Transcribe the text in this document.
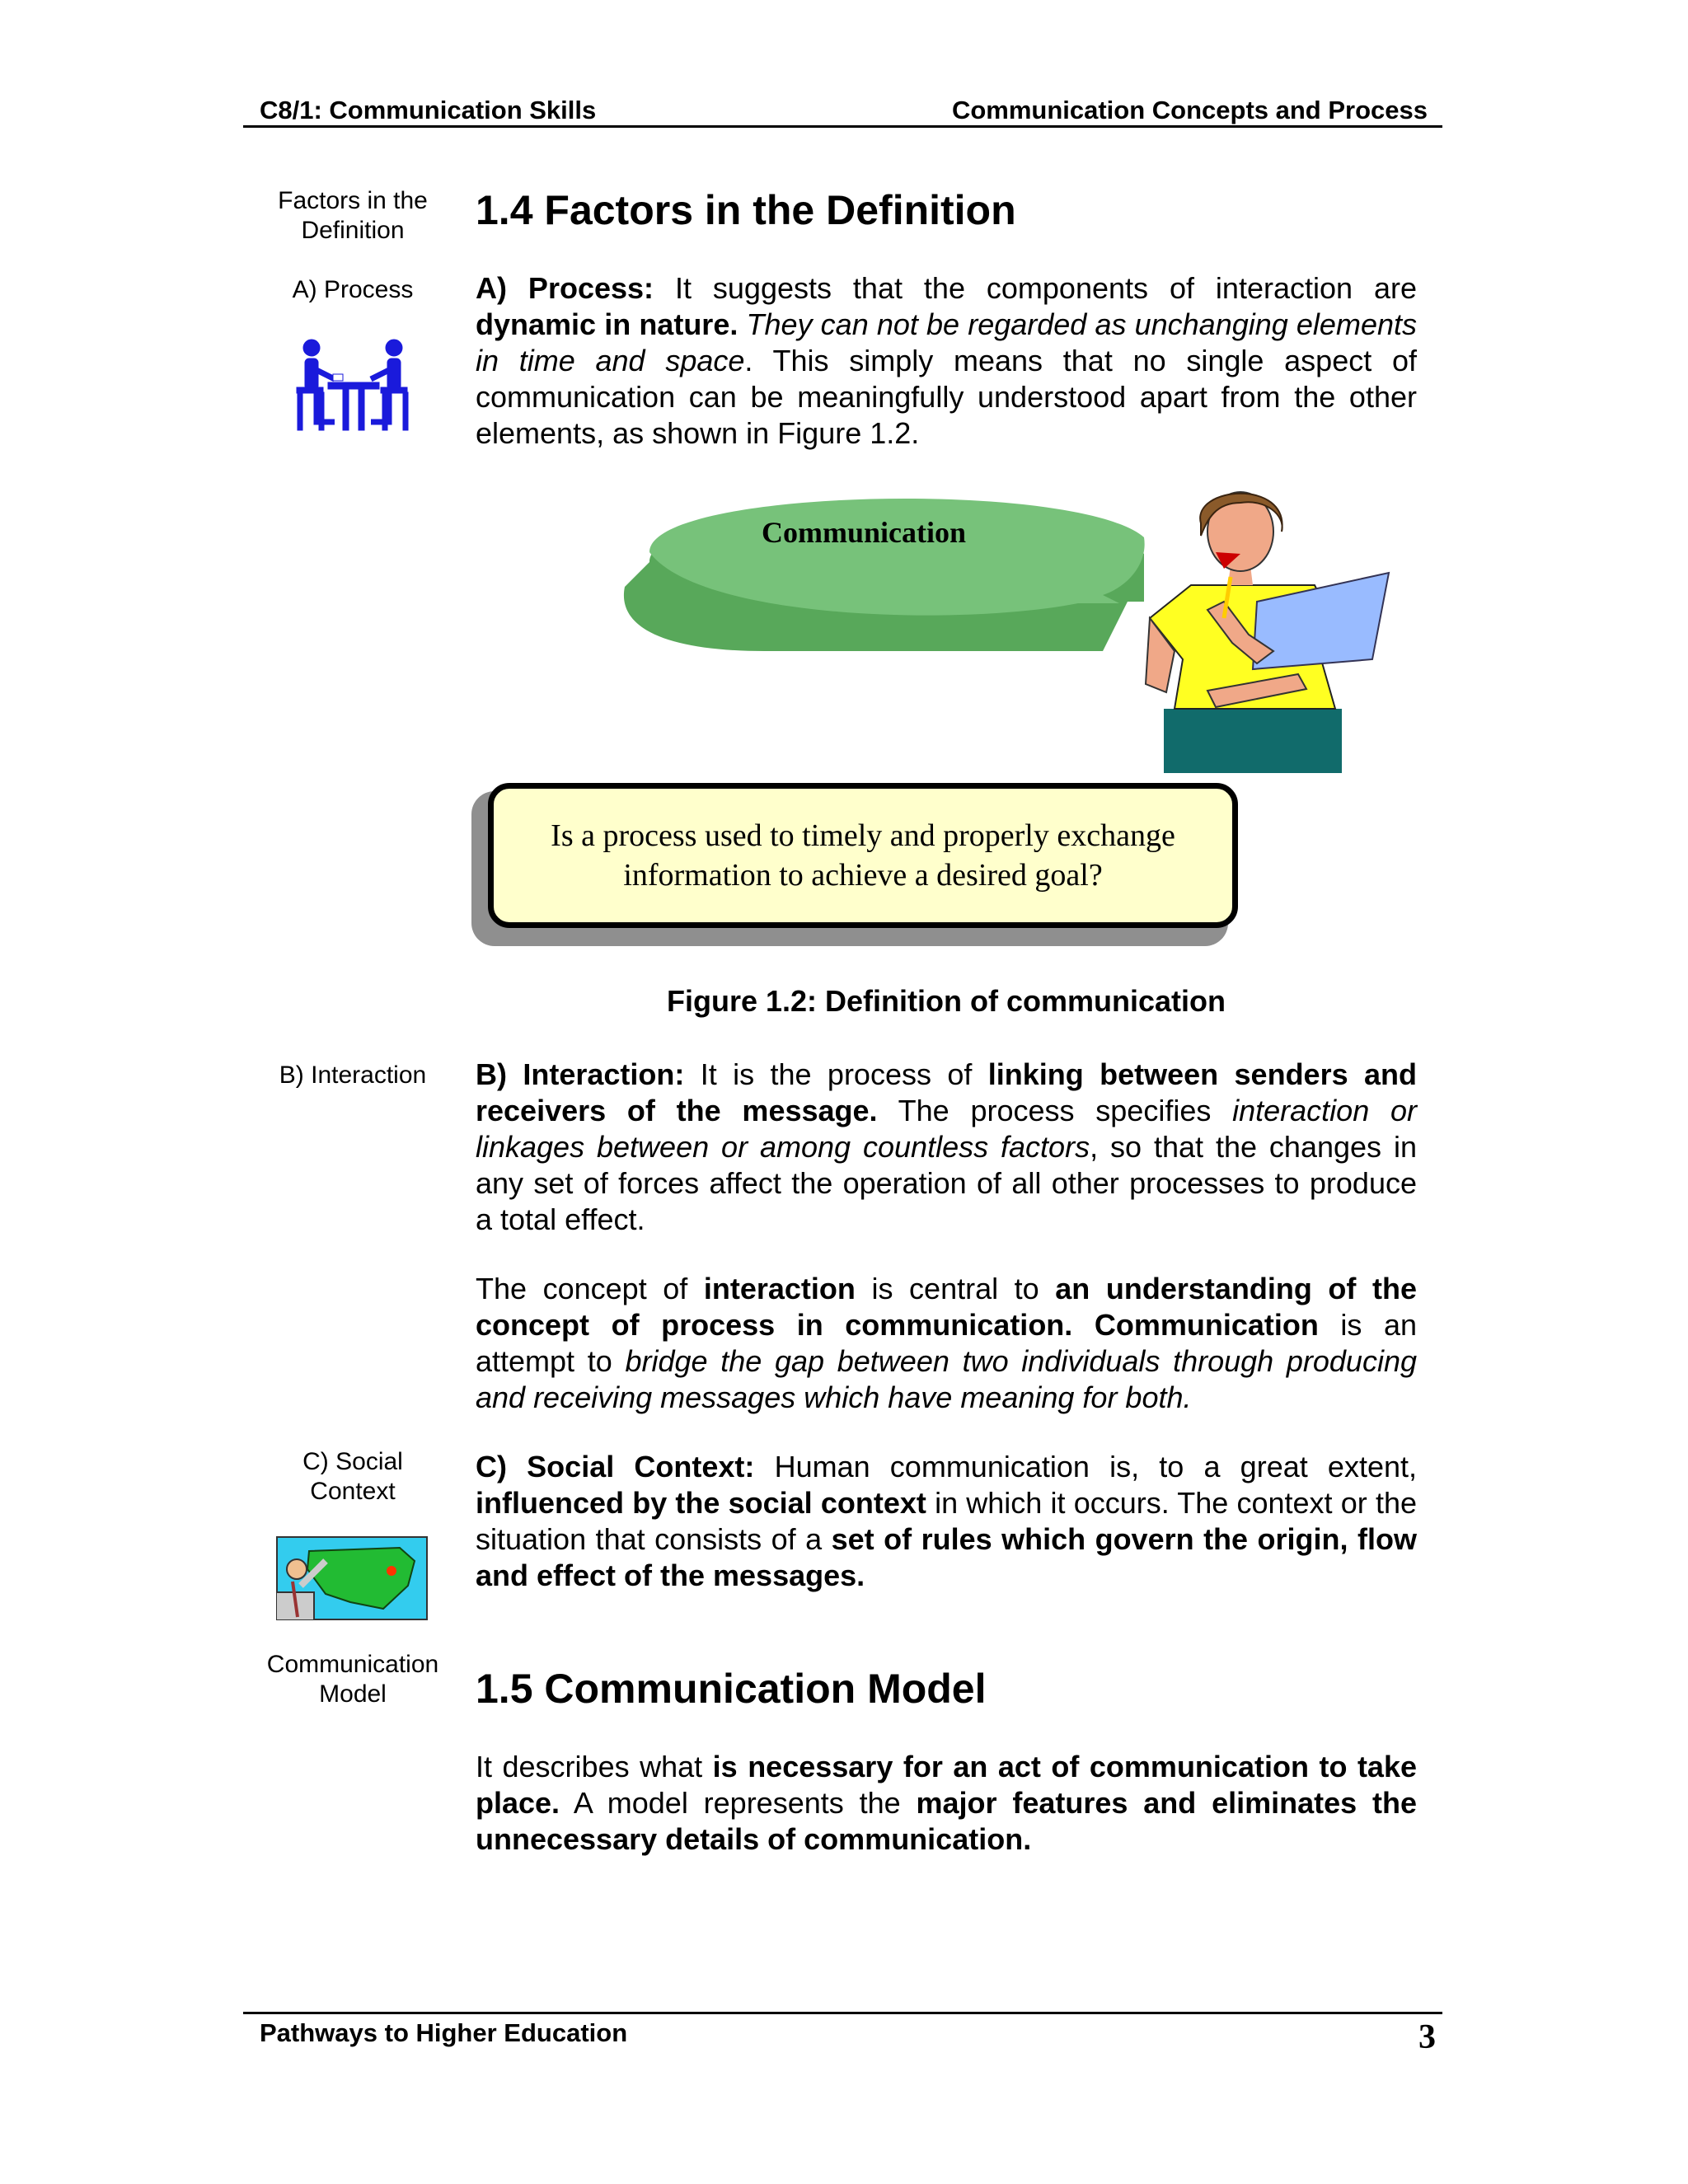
C8/1: Communication Skills	Communication Concepts and Process
Factors in the Definition
A) Process
1.4 Factors in the Definition
A) Process: It suggests that the components of interaction are dynamic in nature. They can not be regarded as unchanging elements in time and space. This simply means that no single aspect of communication can be meaningfully understood apart from the other elements, as shown in Figure 1.2.
Communication
Is a process used to timely and properly exchange information to achieve a desired goal?
Figure 1.2: Definition of communication
B) Interaction	B) Interaction: It is the process of linking between senders and receivers of the message. The process specifies interaction or linkages between or among countless factors, so that the changes in any set of forces affect the operation of all other processes to produce a total effect.
The concept of interaction is central to an understanding of the concept of process in communication. Communication is an attempt to bridge the gap between two individuals through producing and receiving messages which have meaning for both.
C) Social Context
C) Social Context: Human communication is, to a great extent, influenced by the social context in which it occurs. The context or the situation that consists of a set of rules which govern the origin, flow and effect of the messages.
Communication Model	1.5 Communication Model
It describes what is necessary for an act of communication to take place. A model represents the major features and eliminates the unnecessary details of communication.
Pathways to Higher Education	3
